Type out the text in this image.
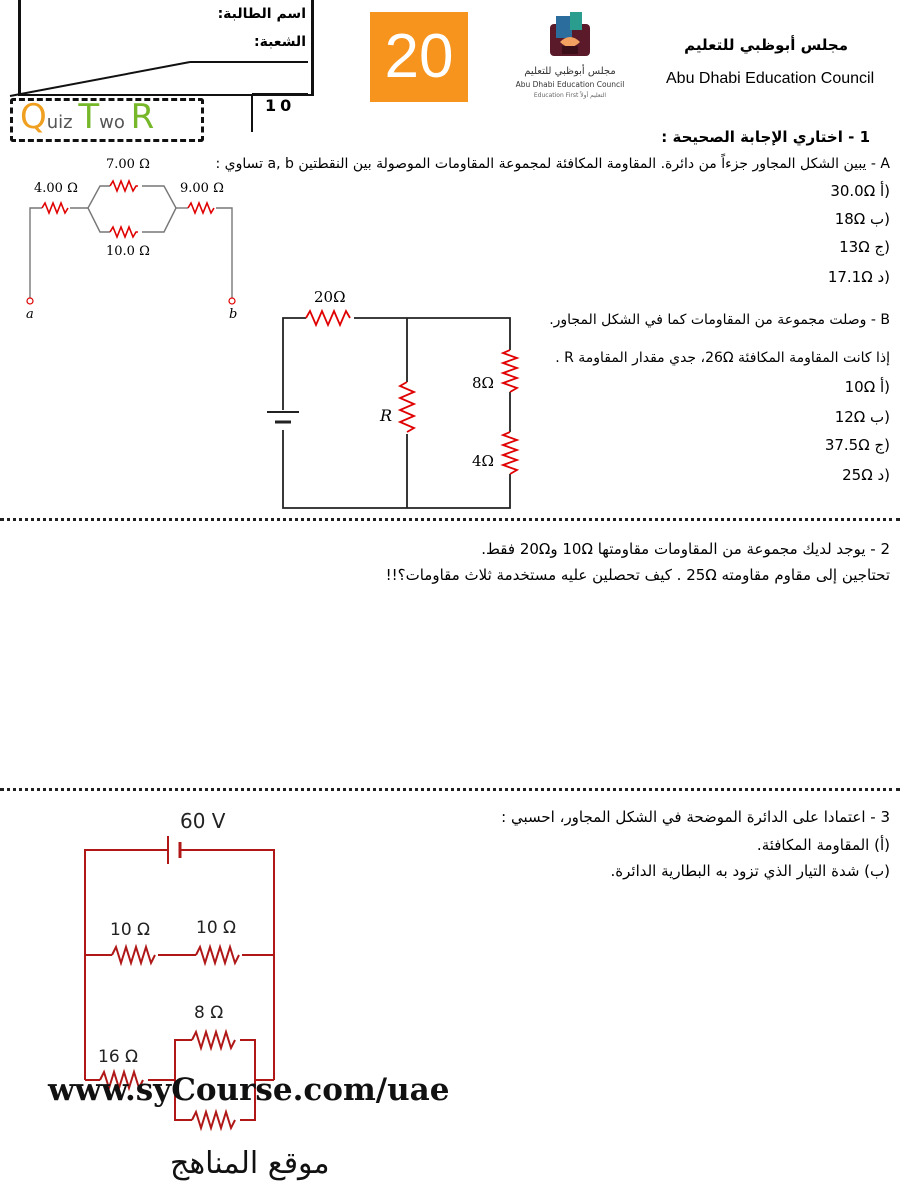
اسم الطالبة:
الشعبة:
10
Quiz Two R
20	مجلس أبوظبي للتعليم
Abu Dhabi Education Council
Education First التعليم أولاً
مجلس أبوظبي للتعليم
Abu Dhabi Education Council
1 - اختاري الإجابة الصحيحة :
A - يبين الشكل المجاور جزءاً من دائرة. المقاومة المكافئة لمجموعة المقاومات الموصولة بين النقطتين a, b تساوي :
(أ 30.0Ω
(ب 18Ω
(ج 13Ω
(د 17.1Ω
4.00 Ω
7.00 Ω
10.0 Ω
9.00 Ω
a	b
20Ω
R
8Ω
4Ω
B - وصلت مجموعة من المقاومات كما في الشكل المجاور.
إذا كانت المقاومة المكافئة 26Ω، جدي مقدار المقاومة R .
(أ 10Ω
(ب 12Ω
(ج 37.5Ω
(د 25Ω
2 - يوجد لديك مجموعة من المقاومات مقاومتها 10Ω و20Ω فقط.
تحتاجين إلى مقاوم مقاومته 25Ω . كيف تحصلين عليه مستخدمة ثلاث مقاومات؟!!
3 - اعتمادا على الدائرة الموضحة في الشكل المجاور، احسبي :
(أ) المقاومة المكافئة.
(ب) شدة التيار الذي تزود به البطارية الدائرة.
60 V
10 Ω	10 Ω
16 Ω
8 Ω
www.syCourse.com/uae
موقع المناهج
